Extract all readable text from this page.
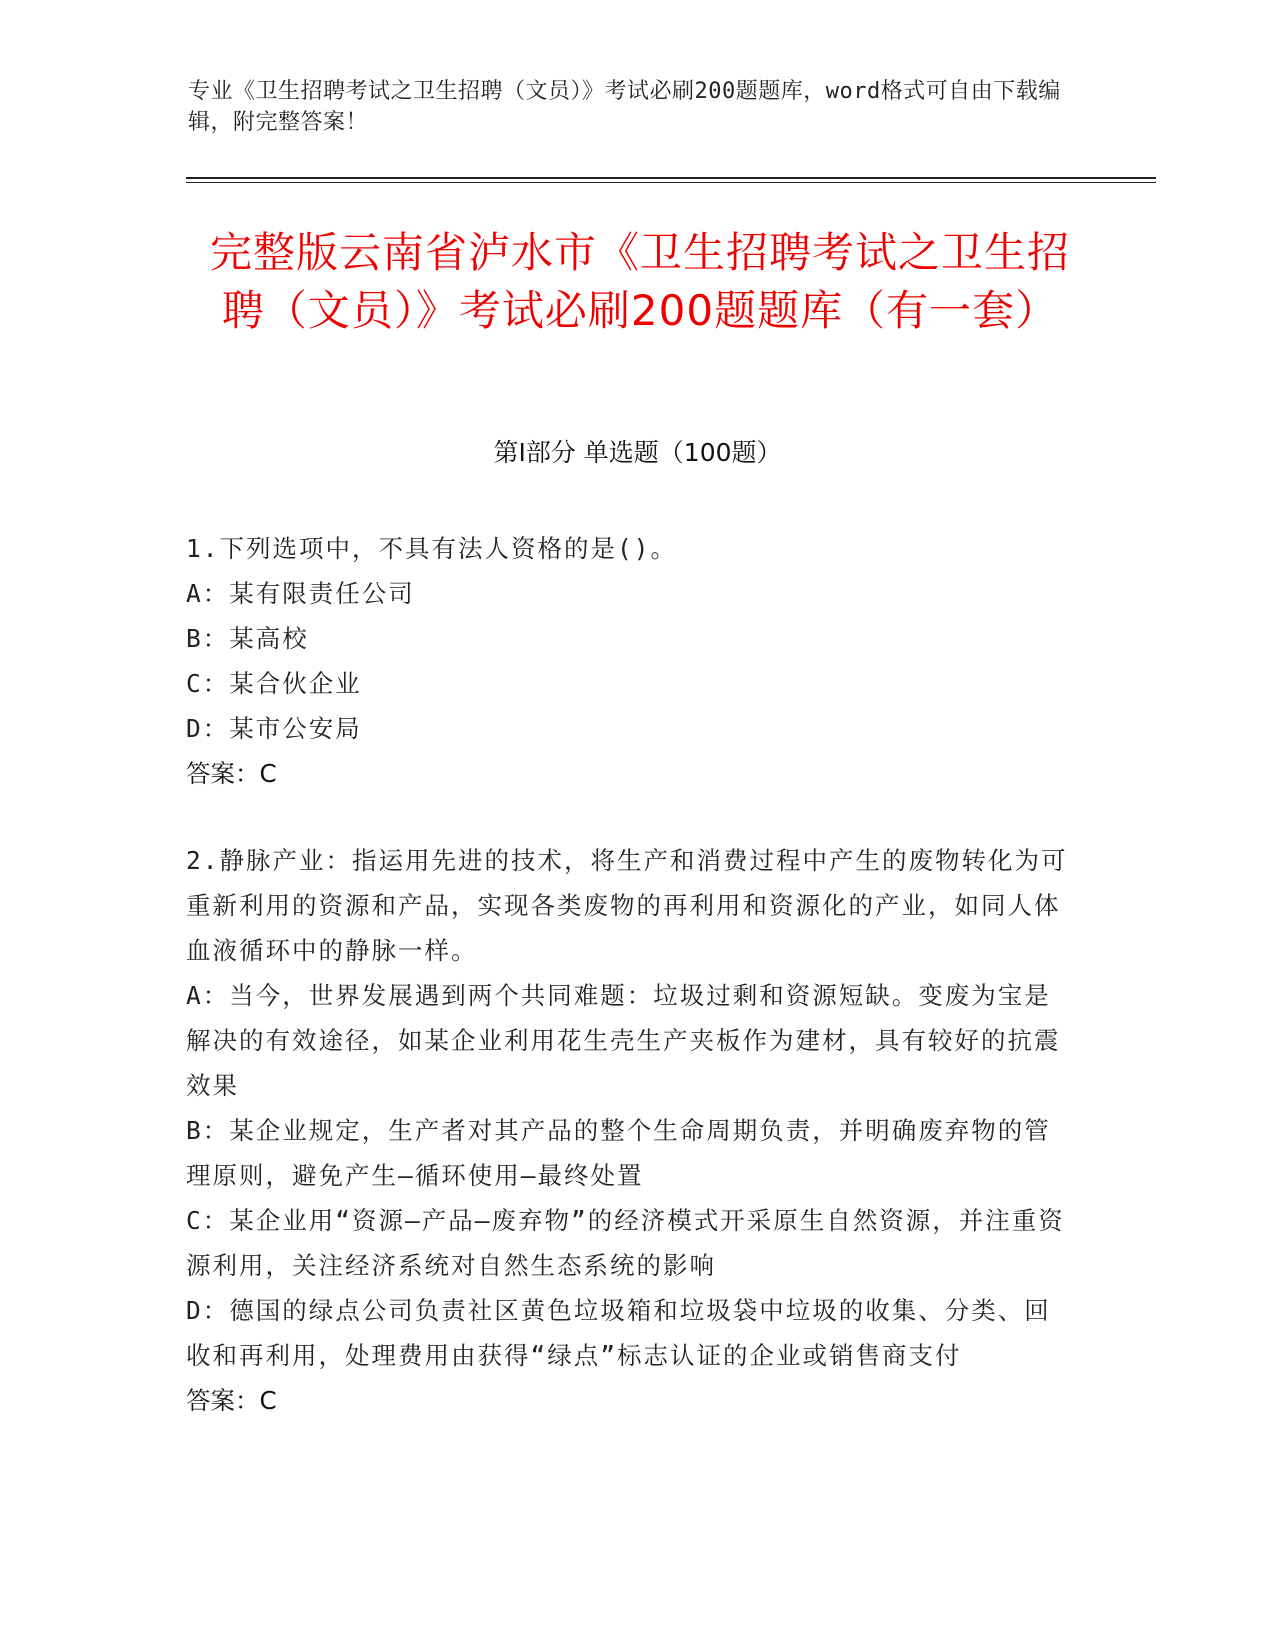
专业《卫生招聘考试之卫生招聘（文员）》考试必刷200题题库，word格式可自由下载编辑，附完整答案！
完整版云南省泸水市《卫生招聘考试之卫生招聘（文员）》考试必刷200题题库（有一套）
第I部分 单选题（100题）
1.下列选项中，不具有法人资格的是()。
A：某有限责任公司
B：某高校
C：某合伙企业
D：某市公安局
答案：C
2.静脉产业：指运用先进的技术，将生产和消费过程中产生的废物转化为可重新利用的资源和产品，实现各类废物的再利用和资源化的产业，如同人体血液循环中的静脉一样。
A：当今，世界发展遇到两个共同难题：垃圾过剩和资源短缺。变废为宝是解决的有效途径，如某企业利用花生壳生产夹板作为建材，具有较好的抗震效果
B：某企业规定，生产者对其产品的整个生命周期负责，并明确废弃物的管理原则，避免产生—循环使用—最终处置
C：某企业用“资源—产品—废弃物”的经济模式开采原生自然资源，并注重资源利用，关注经济系统对自然生态系统的影响
D：德国的绿点公司负责社区黄色垃圾箱和垃圾袋中垃圾的收集、分类、回收和再利用，处理费用由获得“绿点”标志认证的企业或销售商支付
答案：C
